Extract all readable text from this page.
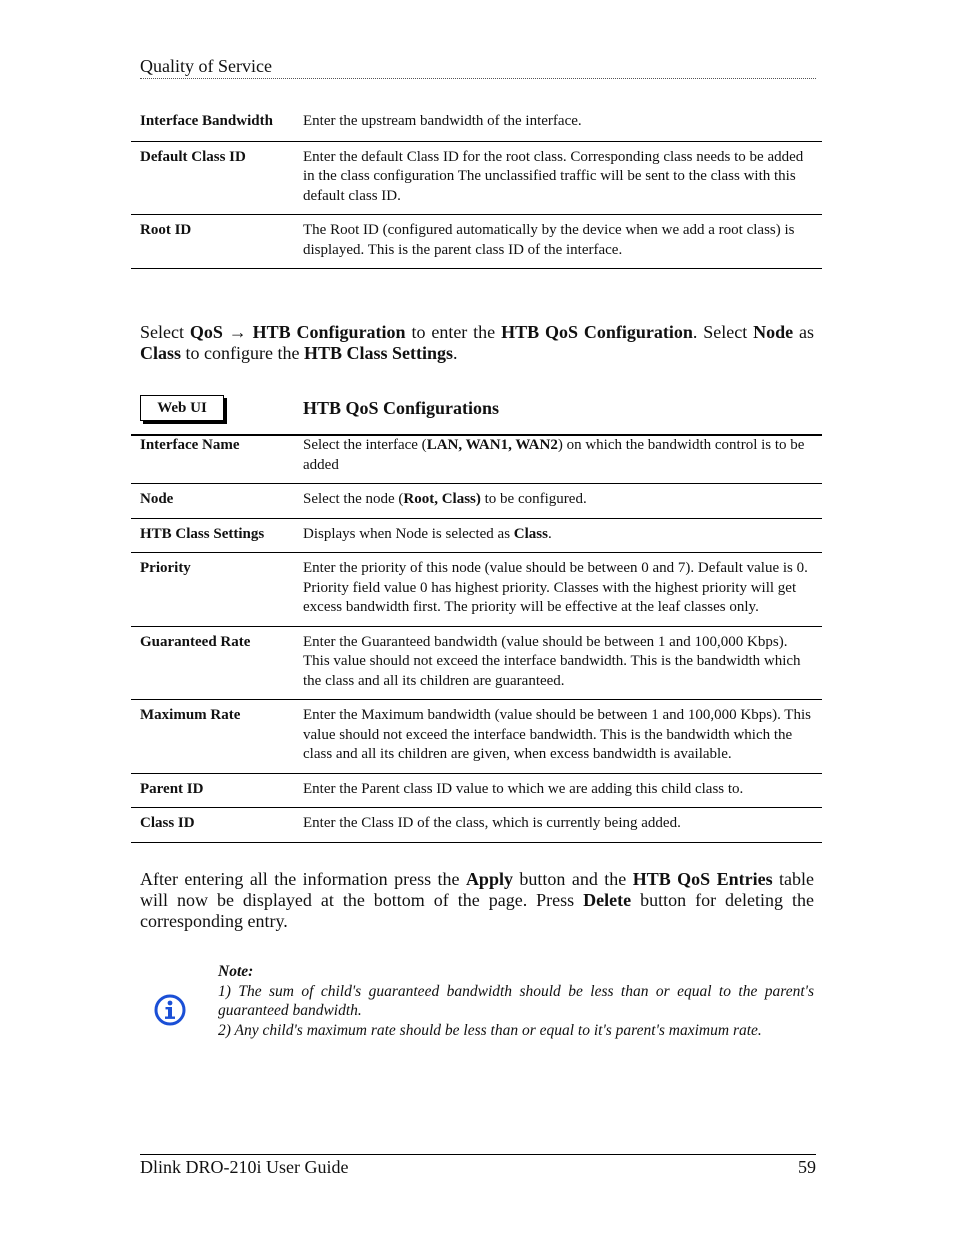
Quality of Service
Interface Bandwidth	Enter the upstream bandwidth of the interface.
Default Class ID	Enter the default Class ID for the root class. Corresponding class needs to be added in the class configuration The unclassified traffic will be sent to the class with this default class ID.
Root ID	The Root ID (configured automatically by the device when we add a root class) is displayed. This is the parent class ID of the interface.
Select QoS → HTB Configuration to enter the HTB QoS Configuration. Select Node as Class to configure the HTB Class Settings.
Web UI	HTB QoS Configurations
Interface Name	Select the interface (LAN, WAN1, WAN2) on which the bandwidth control is to be added
Node	Select the node (Root, Class) to be configured.
HTB Class Settings	Displays when Node is selected as Class.
Priority	Enter the priority of this node (value should be between 0 and 7). Default value is 0. Priority field value 0 has highest priority. Classes with the highest priority will get excess bandwidth first. The priority will be effective at the leaf classes only.
Guaranteed Rate	Enter the Guaranteed bandwidth (value should be between 1 and 100,000 Kbps). This value should not exceed the interface bandwidth. This is the bandwidth which the class and all its children are guaranteed.
Maximum Rate	Enter the Maximum bandwidth (value should be between 1 and 100,000 Kbps). This value should not exceed the interface bandwidth. This is the bandwidth which the class and all its children are given, when excess bandwidth is available.
Parent ID	Enter the Parent class ID value to which we are adding this child class to.
Class ID	Enter the Class ID of the class, which is currently being added.
After entering all the information press the Apply button and the HTB QoS Entries table will now be displayed at the bottom of the page. Press Delete button for deleting the corresponding entry.
Note:
1) The sum of child's guaranteed bandwidth should be less than or equal to the parent's guaranteed bandwidth.
2) Any child's maximum rate should be less than or equal to it's parent's maximum rate.
Dlink DRO-210i User Guide	59
